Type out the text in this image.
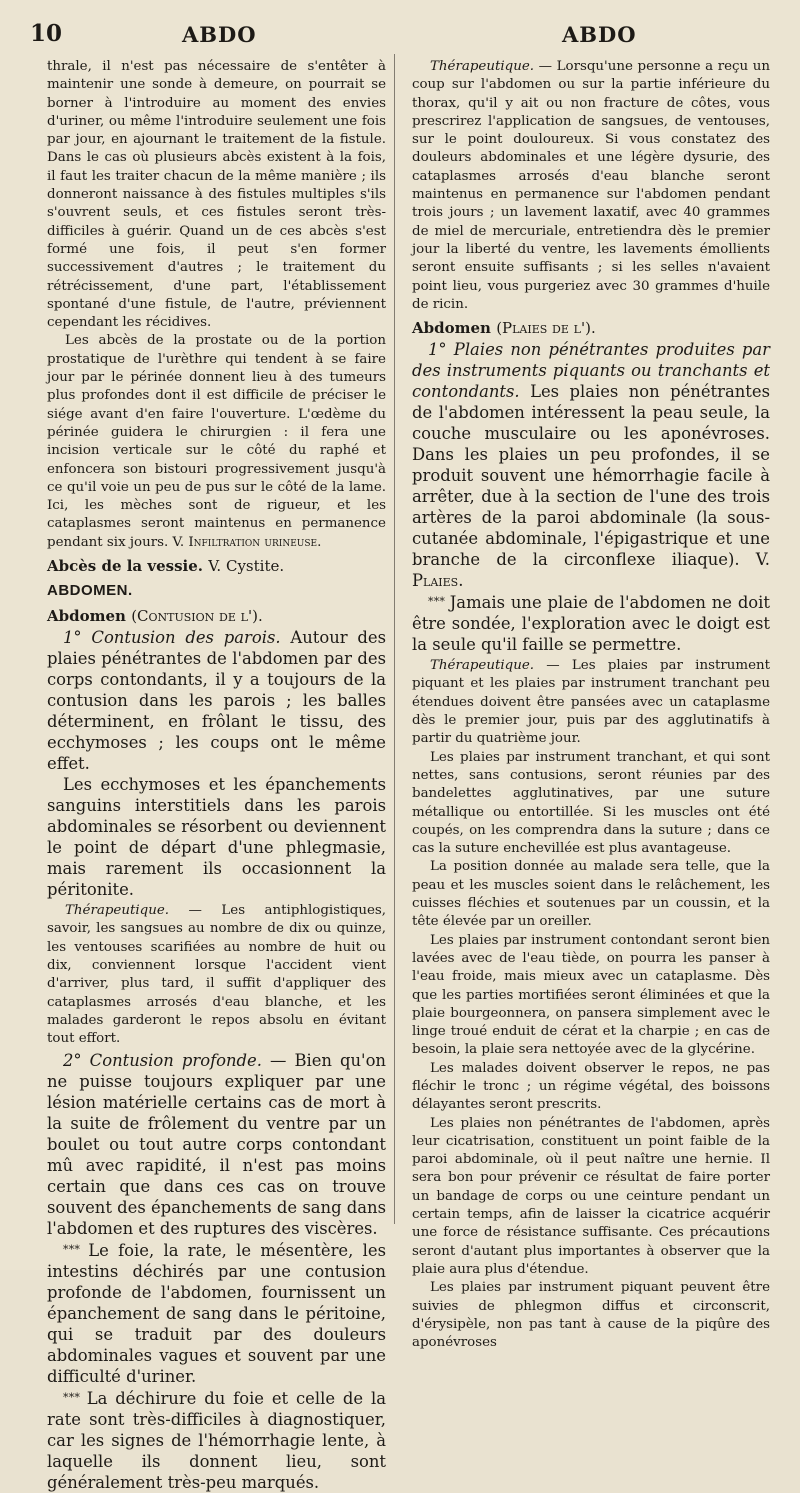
10	ABDO	ABDO

thrale, il n'est pas nécessaire de s'entêter à maintenir une sonde à demeure, on pourrait se borner à l'introduire au moment des envies d'uriner, ou même l'introduire seulement une fois par jour, en ajournant le traitement de la fistule. Dans le cas où plusieurs abcès existent à la fois, il faut les traiter chacun de la même manière ; ils donneront naissance à des fistules multiples s'ils s'ouvrent seuls, et ces fistules seront très-difficiles à guérir. Quand un de ces abcès s'est formé une fois, il peut s'en former successivement d'autres ; le traitement du rétrécissement, d'une part, l'établissement spontané d'une fistule, de l'autre, préviennent cependant les récidives.

Les abcès de la prostate ou de la portion prostatique de l'urèthre qui tendent à se faire jour par le périnée donnent lieu à des tumeurs plus profondes dont il est difficile de préciser le siége avant d'en faire l'ouverture. L'œdème du périnée guidera le chirurgien : il fera une incision verticale sur le côté du raphé et enfoncera son bistouri progressivement jusqu'à ce qu'il voie un peu de pus sur le côté de la lame. Ici, les mèches sont de rigueur, et les cataplasmes seront maintenus en permanence pendant six jours. V. Infiltration urineuse.

Abcès de la vessie. V. Cystite.

ABDOMEN.

Abdomen (Contusion de l').

1° Contusion des parois. Autour des plaies pénétrantes de l'abdomen par des corps contondants, il y a toujours de la contusion dans les parois ; les balles déterminent, en frôlant le tissu, des ecchymoses ; les coups ont le même effet.

Les ecchymoses et les épanchements sanguins interstitiels dans les parois abdominales se résorbent ou deviennent le point de départ d'une phlegmasie, mais rarement ils occasionnent la péritonite.

Thérapeutique. — Les antiphlogistiques, savoir, les sangsues au nombre de dix ou quinze, les ventouses scarifiées au nombre de huit ou dix, conviennent lorsque l'accident vient d'arriver, plus tard, il suffit d'appliquer des cataplasmes arrosés d'eau blanche, et les malades garderont le repos absolu en évitant tout effort.

2° Contusion profonde. — Bien qu'on ne puisse toujours expliquer par une lésion matérielle certains cas de mort à la suite de frôlement du ventre par un boulet ou tout autre corps contondant mû avec rapidité, il n'est pas moins certain que dans ces cas on trouve souvent des épanchements de sang dans l'abdomen et des ruptures des viscères.

* * * Le foie, la rate, le mésentère, les intestins déchirés par une contusion profonde de l'abdomen, fournissent un épanchement de sang dans le péritoine, qui se traduit par des douleurs abdominales vagues et souvent par une difficulté d'uriner.

* * * La déchirure du foie et celle de la rate sont très-difficiles à diagnostiquer, car les signes de l'hémorrhagie lente, à laquelle ils donnent lieu, sont généralement très-peu marqués.

Thérapeutique. — Lorsqu'une personne a reçu un coup sur l'abdomen ou sur la partie inférieure du thorax, qu'il y ait ou non fracture de côtes, vous prescrirez l'application de sangsues, de ventouses, sur le point douloureux. Si vous constatez des douleurs abdominales et une légère dysurie, des cataplasmes arrosés d'eau blanche seront maintenus en permanence sur l'abdomen pendant trois jours ; un lavement laxatif, avec 40 grammes de miel de mercuriale, entretiendra dès le premier jour la liberté du ventre, les lavements émollients seront ensuite suffisants ; si les selles n'avaient point lieu, vous purgeriez avec 30 grammes d'huile de ricin.

Abdomen (Plaies de l').

1° Plaies non pénétrantes produites par des instruments piquants ou tranchants et contondants. Les plaies non pénétrantes de l'abdomen intéressent la peau seule, la couche musculaire ou les aponévroses. Dans les plaies un peu profondes, il se produit souvent une hémorrhagie facile à arrêter, due à la section de l'une des trois artères de la paroi abdominale (la sous-cutanée abdominale, l'épigastrique et une branche de la circonflexe iliaque). V. Plaies.

* * * Jamais une plaie de l'abdomen ne doit être sondée, l'exploration avec le doigt est la seule qu'il faille se permettre.

Thérapeutique. — Les plaies par instrument piquant et les plaies par instrument tranchant peu étendues doivent être pansées avec un cataplasme dès le premier jour, puis par des agglutinatifs à partir du quatrième jour.

Les plaies par instrument tranchant, et qui sont nettes, sans contusions, seront réunies par des bandelettes agglutinatives, par une suture métallique ou entortillée. Si les muscles ont été coupés, on les comprendra dans la suture ; dans ce cas la suture enchevillée est plus avantageuse.

La position donnée au malade sera telle, que la peau et les muscles soient dans le relâchement, les cuisses fléchies et soutenues par un coussin, et la tête élevée par un oreiller.

Les plaies par instrument contondant seront bien lavées avec de l'eau tiède, on pourra les panser à l'eau froide, mais mieux avec un cataplasme. Dès que les parties mortifiées seront éliminées et que la plaie bourgeonnera, on pansera simplement avec le linge troué enduit de cérat et la charpie ; en cas de besoin, la plaie sera nettoyée avec de la glycérine.

Les malades doivent observer le repos, ne pas fléchir le tronc ; un régime végétal, des boissons délayantes seront prescrits.

Les plaies non pénétrantes de l'abdomen, après leur cicatrisation, constituent un point faible de la paroi abdominale, où il peut naître une hernie. Il sera bon pour prévenir ce résultat de faire porter un bandage de corps ou une ceinture pendant un certain temps, afin de laisser la cicatrice acquérir une force de résistance suffisante. Ces précautions seront d'autant plus importantes à observer que la plaie aura plus d'étendue.

Les plaies par instrument piquant peuvent être suivies de phlegmon diffus et circonscrit, d'érysipèle, non pas tant à cause de la piqûre des aponévroses
